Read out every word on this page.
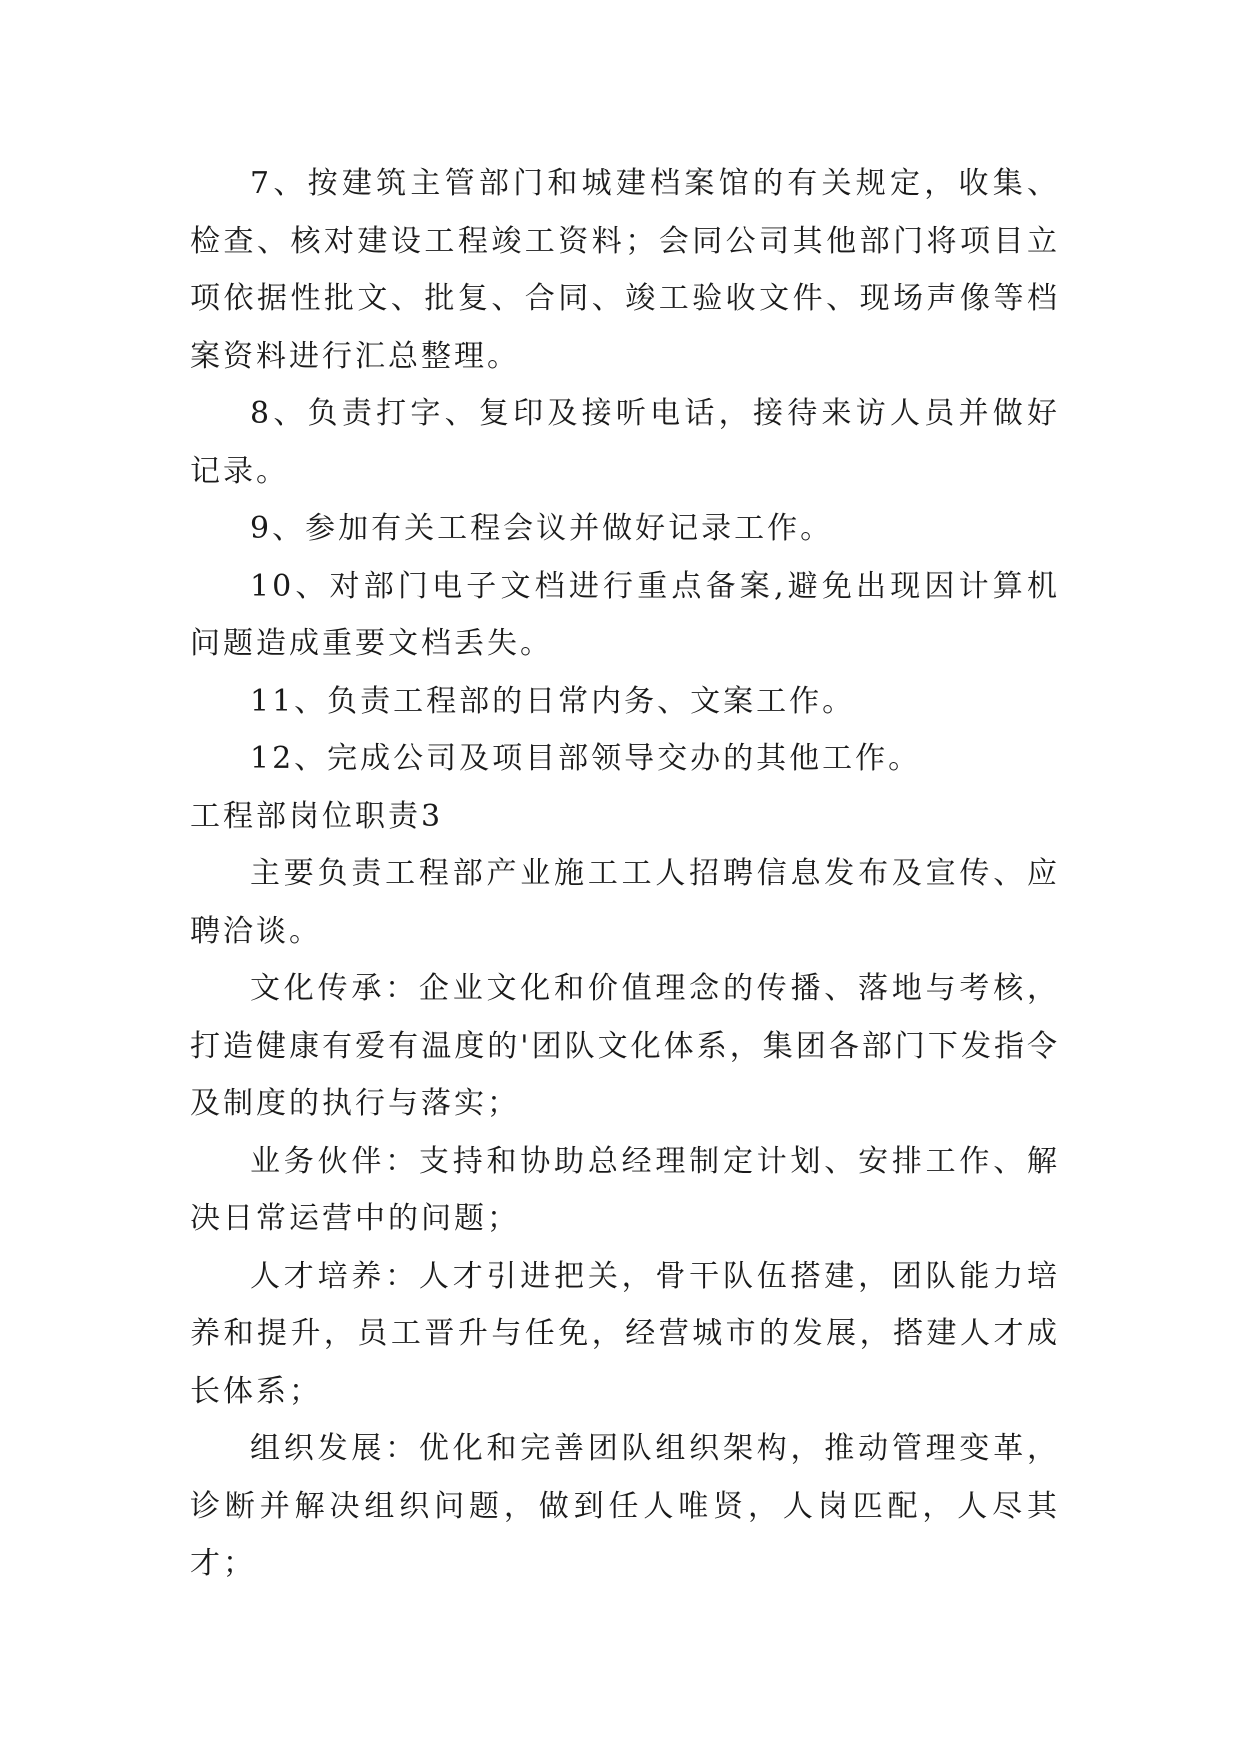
7、按建筑主管部门和城建档案馆的有关规定，收集、检查、核对建设工程竣工资料；会同公司其他部门将项目立项依据性批文、批复、合同、竣工验收文件、现场声像等档案资料进行汇总整理。

8、负责打字、复印及接听电话，接待来访人员并做好记录。

9、参加有关工程会议并做好记录工作。

10、对部门电子文档进行重点备案,避免出现因计算机问题造成重要文档丢失。

11、负责工程部的日常内务、文案工作。

12、完成公司及项目部领导交办的其他工作。

工程部岗位职责3

主要负责工程部产业施工工人招聘信息发布及宣传、应聘洽谈。

文化传承：企业文化和价值理念的传播、落地与考核，打造健康有爱有温度的'团队文化体系，集团各部门下发指令及制度的执行与落实；

业务伙伴：支持和协助总经理制定计划、安排工作、解决日常运营中的问题；

人才培养：人才引进把关，骨干队伍搭建，团队能力培养和提升，员工晋升与任免，经营城市的发展，搭建人才成长体系；

组织发展：优化和完善团队组织架构，推动管理变革，诊断并解决组织问题，做到任人唯贤，人岗匹配，人尽其才；
